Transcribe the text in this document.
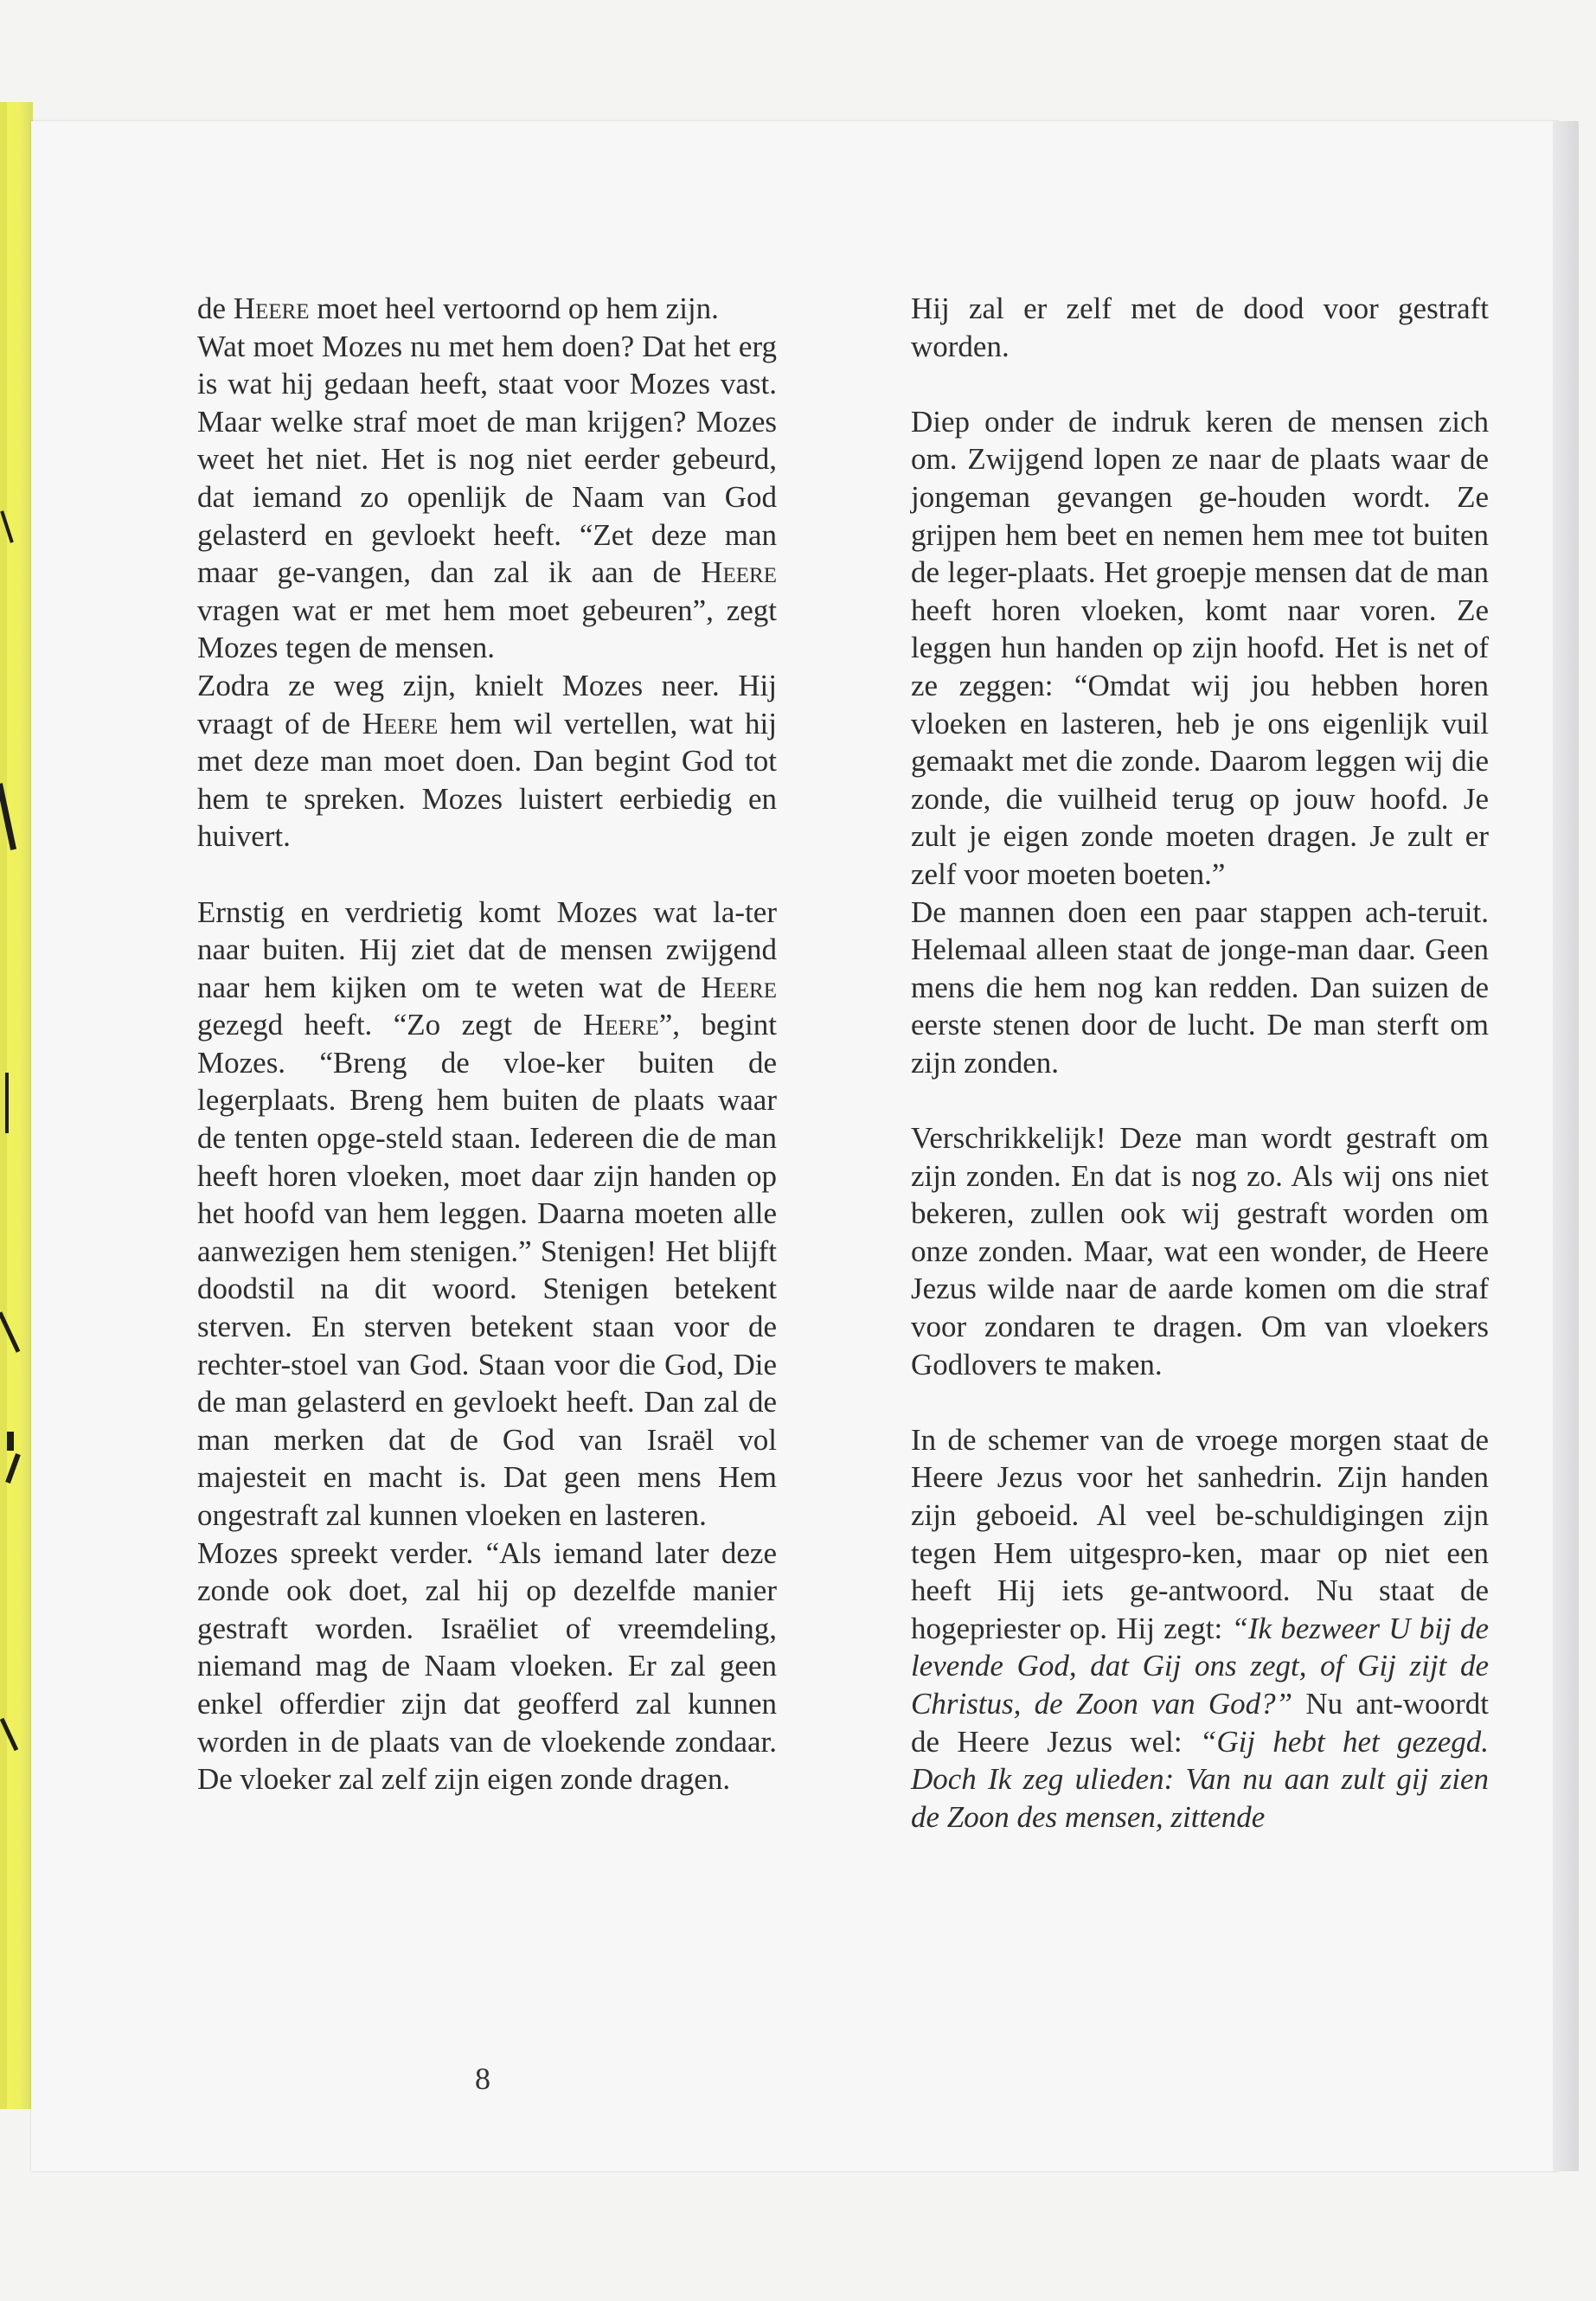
de Heere moet heel vertoornd op hem zijn.

Wat moet Mozes nu met hem doen? Dat het erg is wat hij gedaan heeft, staat voor Mozes vast. Maar welke straf moet de man krijgen? Mozes weet het niet. Het is nog niet eerder gebeurd, dat iemand zo openlijk de Naam van God gelasterd en gevloekt heeft. “Zet deze man maar ge-vangen, dan zal ik aan de Heere vragen wat er met hem moet gebeuren”, zegt Mozes tegen de mensen.

Zodra ze weg zijn, knielt Mozes neer. Hij vraagt of de Heere hem wil vertellen, wat hij met deze man moet doen. Dan begint God tot hem te spreken. Mozes luistert eerbiedig en huivert.

Ernstig en verdrietig komt Mozes wat la-ter naar buiten. Hij ziet dat de mensen zwijgend naar hem kijken om te weten wat de Heere gezegd heeft. “Zo zegt de Heere”, begint Mozes. “Breng de vloe-ker buiten de legerplaats. Breng hem buiten de plaats waar de tenten opge-steld staan. Iedereen die de man heeft horen vloeken, moet daar zijn handen op het hoofd van hem leggen. Daarna moeten alle aanwezigen hem stenigen.” Stenigen! Het blijft doodstil na dit woord. Stenigen betekent sterven. En sterven betekent staan voor de rechter-stoel van God. Staan voor die God, Die de man gelasterd en gevloekt heeft. Dan zal de man merken dat de God van Israël vol majesteit en macht is. Dat geen mens Hem ongestraft zal kunnen vloeken en lasteren.

Mozes spreekt verder. “Als iemand later deze zonde ook doet, zal hij op dezelfde manier gestraft worden. Israëliet of vreemdeling, niemand mag de Naam vloeken. Er zal geen enkel offerdier zijn dat geofferd zal kunnen worden in de plaats van de vloekende zondaar. De vloeker zal zelf zijn eigen zonde dragen.

Hij zal er zelf met de dood voor gestraft worden.

Diep onder de indruk keren de mensen zich om. Zwijgend lopen ze naar de plaats waar de jongeman gevangen ge-houden wordt. Ze grijpen hem beet en nemen hem mee tot buiten de leger-plaats. Het groepje mensen dat de man heeft horen vloeken, komt naar voren. Ze leggen hun handen op zijn hoofd. Het is net of ze zeggen: “Omdat wij jou hebben horen vloeken en lasteren, heb je ons eigenlijk vuil gemaakt met die zonde. Daarom leggen wij die zonde, die vuilheid terug op jouw hoofd. Je zult je eigen zonde moeten dragen. Je zult er zelf voor moeten boeten.”

De mannen doen een paar stappen ach-teruit. Helemaal alleen staat de jonge-man daar. Geen mens die hem nog kan redden. Dan suizen de eerste stenen door de lucht. De man sterft om zijn zonden.

Verschrikkelijk! Deze man wordt gestraft om zijn zonden. En dat is nog zo. Als wij ons niet bekeren, zullen ook wij gestraft worden om onze zonden. Maar, wat een wonder, de Heere Jezus wilde naar de aarde komen om die straf voor zondaren te dragen. Om van vloekers Godlovers te maken.

In de schemer van de vroege morgen staat de Heere Jezus voor het sanhedrin. Zijn handen zijn geboeid. Al veel be-schuldigingen zijn tegen Hem uitgespro-ken, maar op niet een heeft Hij iets ge-antwoord. Nu staat de hogepriester op. Hij zegt: “Ik bezweer U bij de levende God, dat Gij ons zegt, of Gij zijt de Christus, de Zoon van God?” Nu ant-woordt de Heere Jezus wel: “Gij hebt het gezegd. Doch Ik zeg ulieden: Van nu aan zult gij zien de Zoon des mensen, zittende

8
